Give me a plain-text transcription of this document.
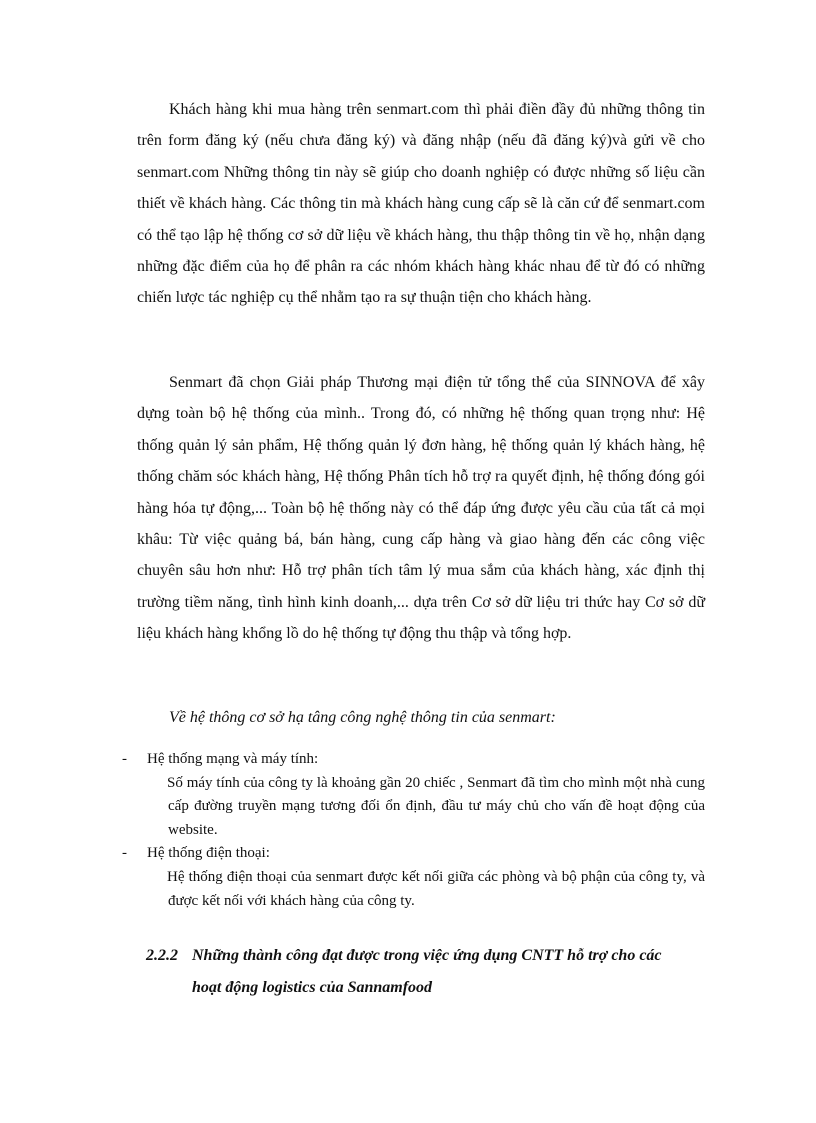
Khách hàng khi mua hàng trên senmart.com thì phải điền đầy đủ những thông tin trên form đăng ký (nếu chưa đăng ký) và đăng nhập (nếu đã đăng ký)và gửi về cho senmart.com Những thông tin này sẽ giúp cho doanh nghiệp có được những số liệu cần thiết về khách hàng. Các thông tin mà khách hàng cung cấp sẽ là căn cứ để senmart.com có thể tạo lập hệ thống cơ sở dữ liệu về khách hàng, thu thập thông tin về họ, nhận dạng những đặc điểm của họ để phân ra các nhóm khách hàng khác nhau để từ đó có những chiến lược tác nghiệp cụ thể nhằm tạo ra sự thuận tiện cho khách hàng.

Senmart đã chọn Giải pháp Thương mại điện tử tổng thể của SINNOVA để xây dựng toàn bộ hệ thống của mình.. Trong đó, có những hệ thống quan trọng như: Hệ thống quản lý sản phẩm, Hệ thống quản lý đơn hàng, hệ thống quản lý khách hàng, hệ thống chăm sóc khách hàng, Hệ thống Phân tích hỗ trợ ra quyết định, hệ thống đóng gói hàng hóa tự động,... Toàn bộ hệ thống này có thể đáp ứng được yêu cầu của tất cả mọi khâu: Từ việc quảng bá, bán hàng, cung cấp hàng và giao hàng đến các công việc chuyên sâu hơn như: Hỗ trợ phân tích tâm lý mua sắm của khách hàng, xác định thị trường tiềm năng, tình hình kinh doanh,... dựa trên Cơ sở dữ liệu tri thức hay Cơ sở dữ liệu khách hàng khổng lồ do hệ thống tự động thu thập và tổng hợp.

Về hệ thông cơ sở hạ tâng công nghệ thông tin của senmart:

- Hệ thống mạng và máy tính:
Số máy tính của công ty là khoảng gần 20 chiếc , Senmart đã tìm cho mình một nhà cung cấp đường truyền mạng tương đối ổn định, đầu tư máy chủ cho vấn đề hoạt động của website.
- Hệ thống điện thoại:
Hệ thống điện thoại của senmart được kết nối giữa các phòng và bộ phận của công ty, và được kết nối với khách hàng của công ty.
2.2.2 Những thành công đạt được trong việc ứng dụng CNTT hỗ trợ cho các
hoạt động logistics của Sannamfood
